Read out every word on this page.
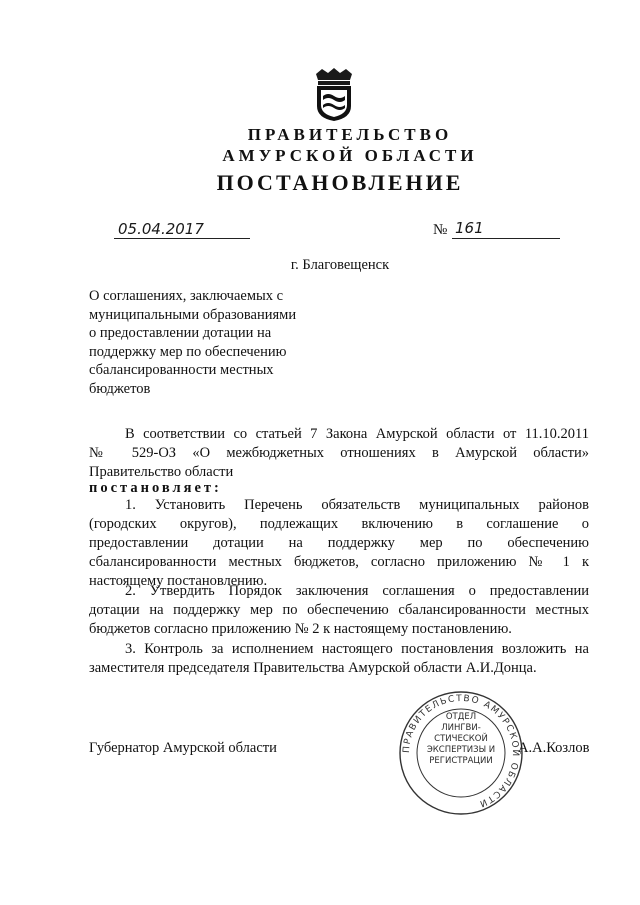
ПРАВИТЕЛЬСТВО
АМУРСКОЙ ОБЛАСТИ
ПОСТАНОВЛЕНИЕ
05.04.2017	№ 161
г. Благовещенск
О соглашениях, заключаемых с
муниципальными образованиями
о предоставлении дотации на
поддержку мер по обеспечению
сбалансированности местных
бюджетов
В соответствии со статьей 7 Закона Амурской области от 11.10.2011
№ 529-ОЗ «О межбюджетных отношениях в Амурской области»
Правительство области
постановляет:
1. Установить Перечень обязательств муниципальных районов
(городских округов), подлежащих включению в соглашение о
предоставлении дотации на поддержку мер по обеспечению
сбалансированности местных бюджетов, согласно приложению № 1 к
настоящему постановлению.
2. Утвердить Порядок заключения соглашения о предоставлении
дотации на поддержку мер по обеспечению сбалансированности местных
бюджетов согласно приложению № 2 к настоящему постановлению.
3. Контроль за исполнением настоящего постановления возложить на
заместителя председателя Правительства Амурской области А.И.Донца.
ПРАВИТЕЛЬСТВО АМУРСКОЙ ОБЛАСТИ
ОТДЕЛ
ЛИНГВИ-
СТИЧЕСКОЙ
ЭКСПЕРТИЗЫ И
РЕГИСТРАЦИИ
Губернатор Амурской области	А.А.Козлов
